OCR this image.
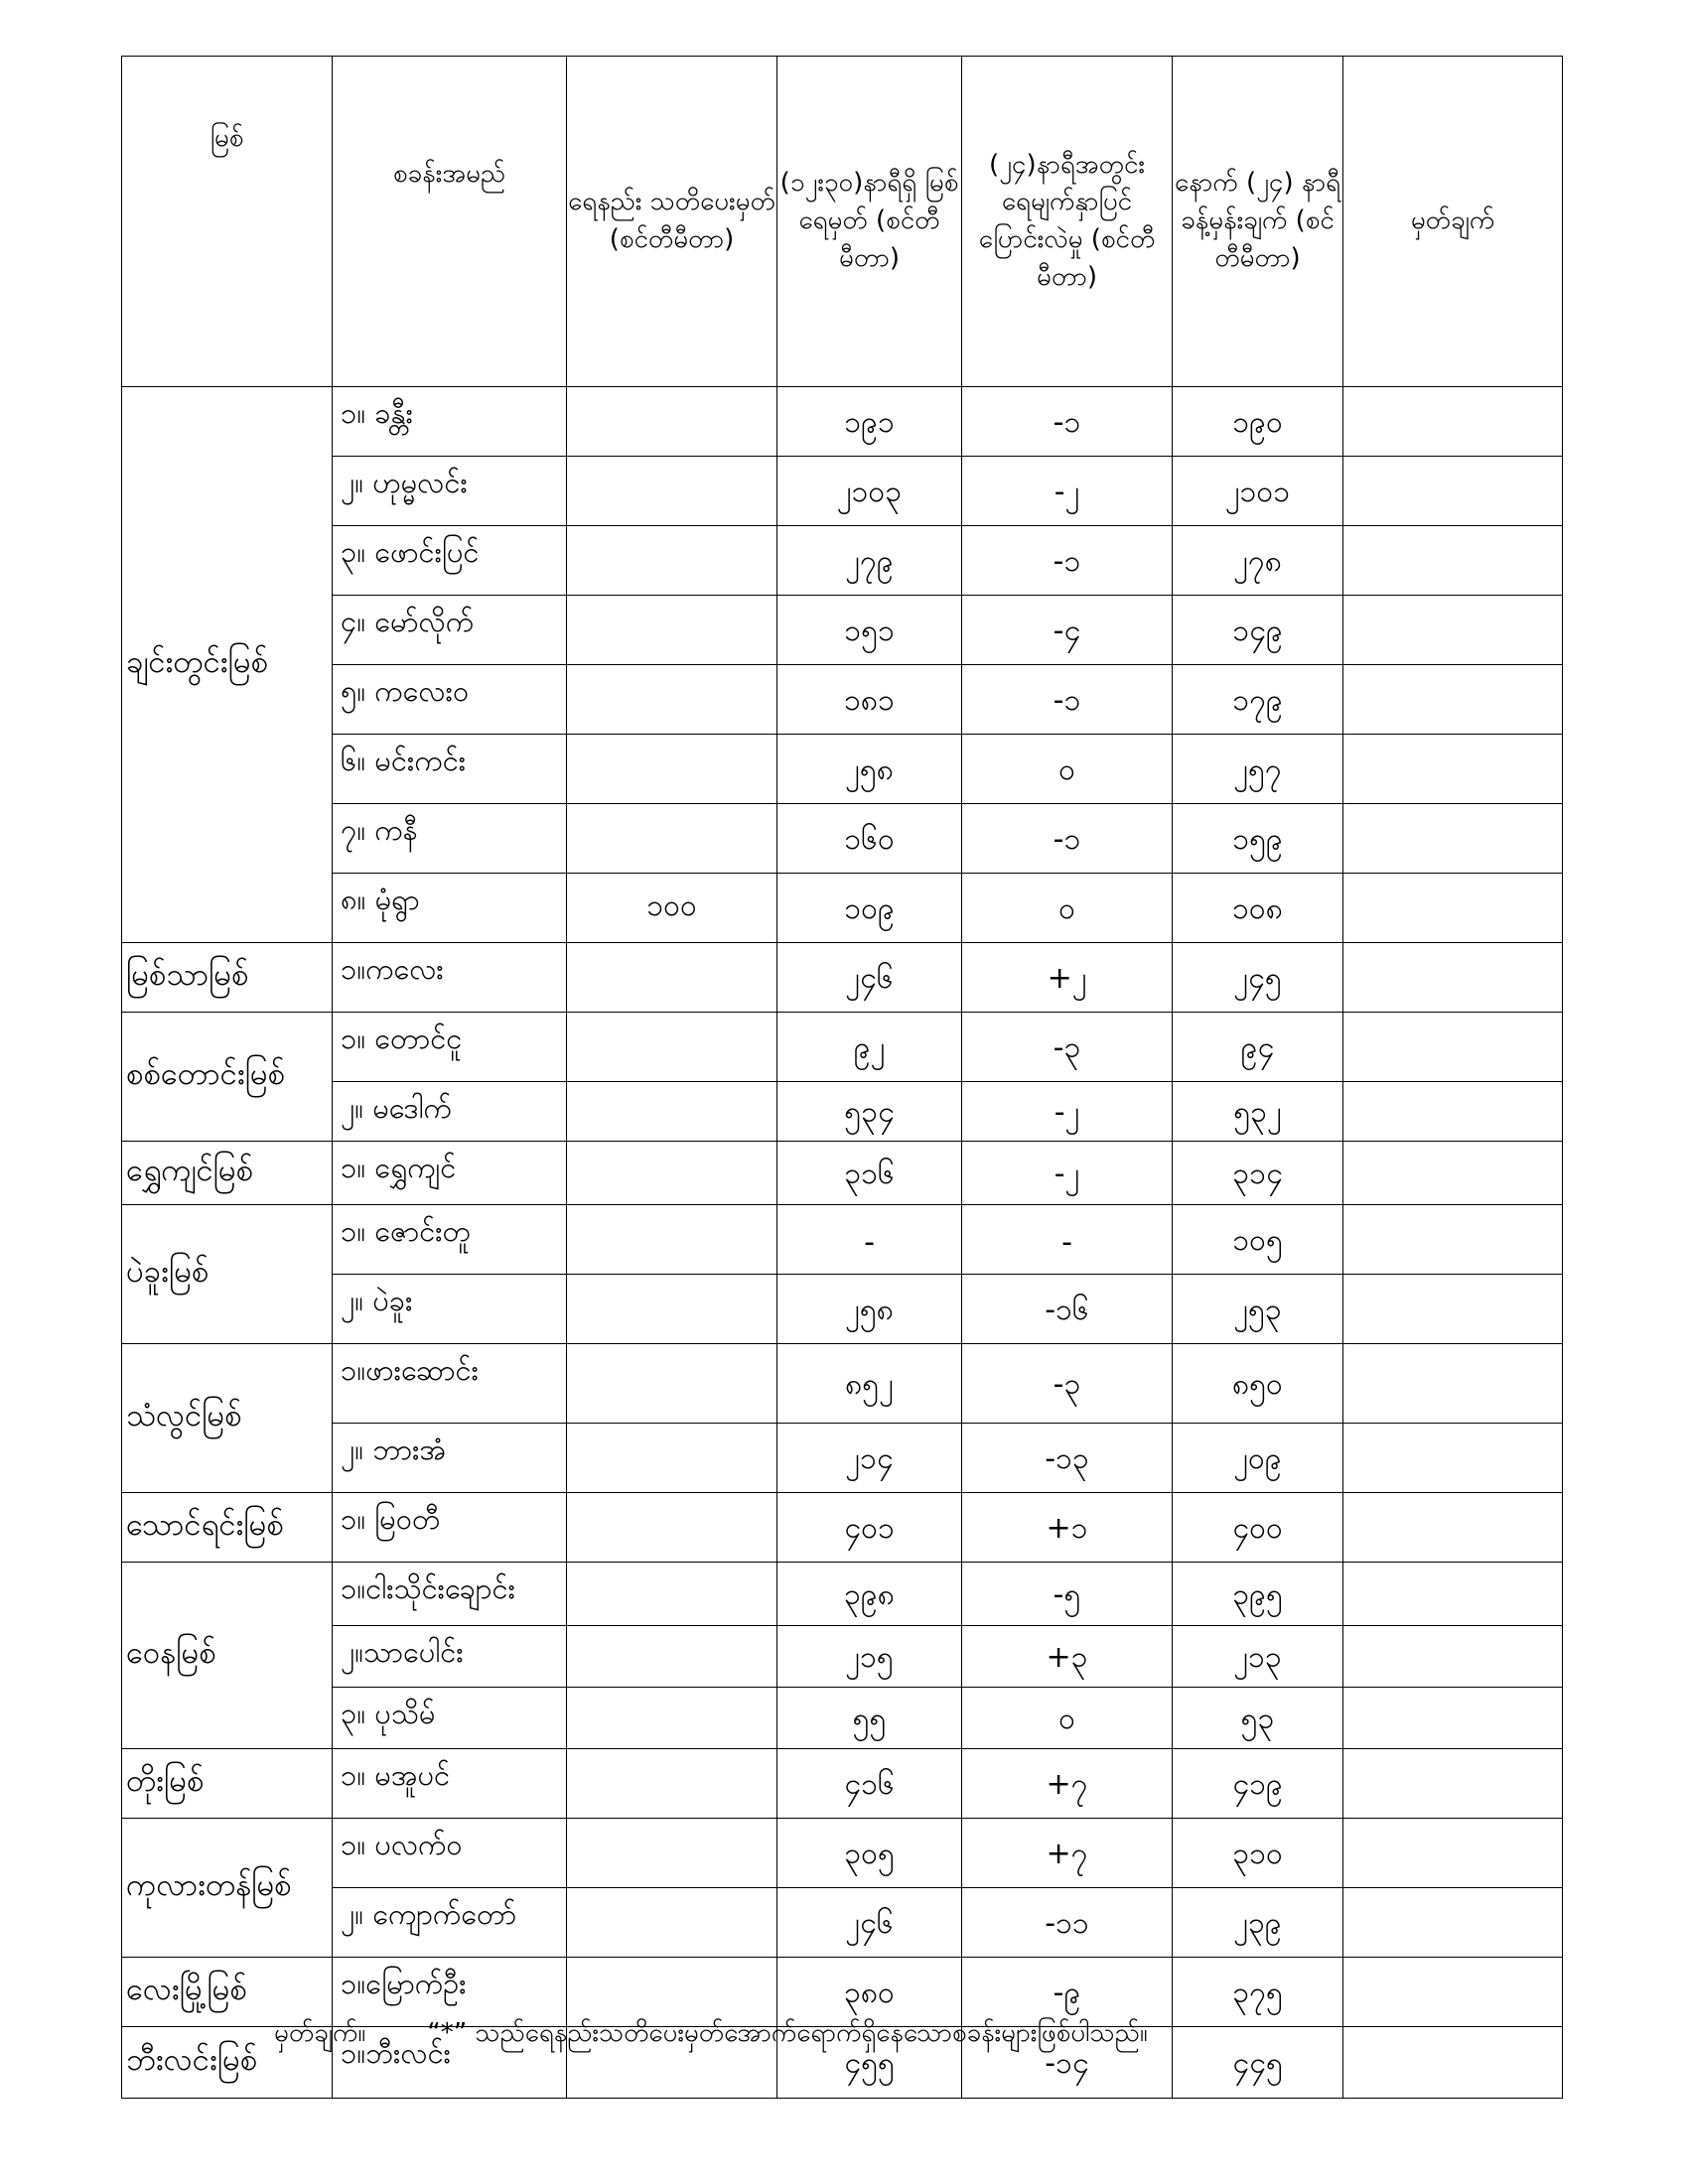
မြစ်	စခန်းအမည်	ရေနည်း သတိပေးမှတ် (စင်တီမီတာ)	(၁၂း၃၀)နာရီရှိ မြစ်ရေမှတ် (စင်တီမီတာ)	(၂၄)နာရီအတွင်း ရေမျက်နှာပြင် ပြောင်းလဲမှု (စင်တီမီတာ)	နောက် (၂၄) နာရီ ခန့်မှန်းချက် (စင်တီမီတာ)	မှတ်ချက်
ချင်းတွင်းမြစ်	၁။ ခန္တီး		၁၉၁	-၁	၁၉၀	
	၂။ ဟုမ္မလင်း		၂၁၀၃	-၂	၂၁၀၁	
	၃။ ဖောင်းပြင်		၂၇၉	-၁	၂၇၈	
	၄။ မော်လိုက်		၁၅၁	-၄	၁၄၉	
	၅။ ကလေးဝ		၁၈၁	-၁	၁၇၉	
	၆။ မင်းကင်း		၂၅၈	၀	၂၅၇	
	၇။ ကနီ		၁၆၀	-၁	၁၅၉	
	၈။ မုံရွာ	၁၀၀	၁၀၉	၀	၁၀၈	
မြစ်သာမြစ်	၁။ကလေး		၂၄၆	+၂	၂၄၅	
စစ်တောင်းမြစ်	၁။ တောင်ငူ		၉၂	-၃	၉၄	
	၂။ မဒေါက်		၅၃၄	-၂	၅၃၂	
ရွှေကျင်မြစ်	၁။ ရွှေကျင်		၃၁၆	-၂	၃၁၄	
ပဲခူးမြစ်	၁။ ဇောင်းတူ		-	-	၁၀၅	
	၂။ ပဲခူး		၂၅၈	-၁၆	၂၅၃	
သံလွင်မြစ်	၁။ဖားဆောင်း		၈၅၂	-၃	၈၅၀	
	၂။ ဘားအံ		၂၁၄	-၁၃	၂၀၉	
သောင်ရင်းမြစ်	၁။ မြဝတီ		၄၀၁	+၁	၄၀၀	
ဝေနမြစ်	၁။ငါးသိုင်းချောင်း		၃၉၈	-၅	၃၉၅	
	၂။သာပေါင်း		၂၁၅	+၃	၂၁၃	
	၃။ ပုသိမ်		၅၅	၀	၅၃	
တိုးမြစ်	၁။ မအူပင်		၄၁၆	+၇	၄၁၉	
ကုလားတန်မြစ်	၁။ ပလက်ဝ		၃၀၅	+၇	၃၁၀	
	၂။ ကျောက်တော်		၂၄၆	-၁၁	၂၃၉	
လေးမြို့မြစ်	၁။မြောက်ဦး		၃၈၀	-၉	၃၇၅	
ဘီးလင်းမြစ်	၁။ဘီးလင်း		၄၅၅	-၁၄	၄၄၅	
မှတ်ချက်။ “*” သည်ရေနည်းသတိပေးမှတ်အောက်ရောက်ရှိနေသောစခန်းများဖြစ်ပါသည်။
